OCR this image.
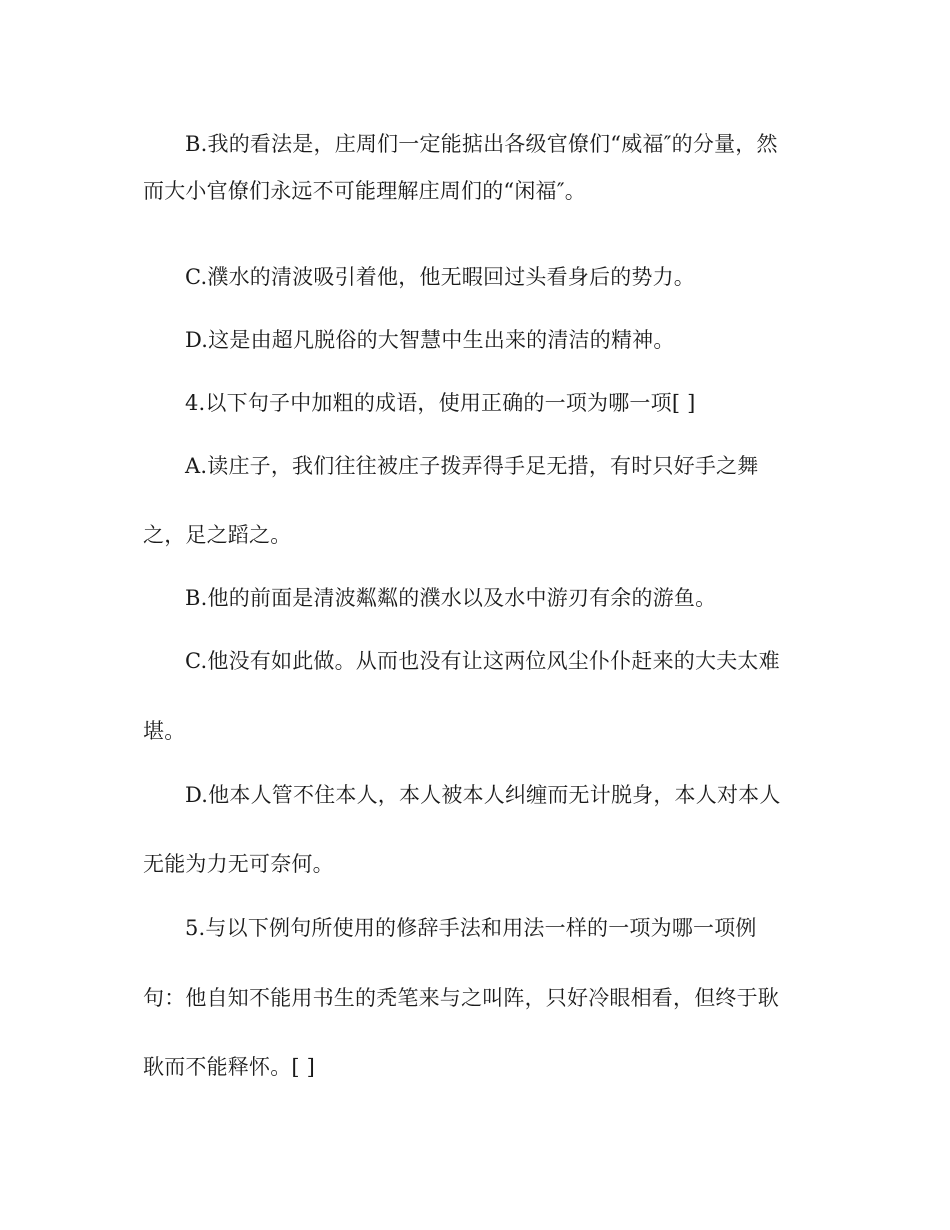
B.我的看法是，庄周们一定能掂出各级官僚们“威福″的分量，然
而大小官僚们永远不可能理解庄周们的“闲福″。
C.濮水的清波吸引着他，他无暇回过头看身后的势力。
D.这是由超凡脱俗的大智慧中生出来的清洁的精神。
4.以下句子中加粗的成语，使用正确的一项为哪一项[ ]
A.读庄子，我们往往被庄子拨弄得手足无措，有时只好手之舞
之，足之蹈之。
B.他的前面是清波粼粼的濮水以及水中游刃有余的游鱼。
C.他没有如此做。从而也没有让这两位风尘仆仆赶来的大夫太难
堪。
D.他本人管不住本人，本人被本人纠缠而无计脱身，本人对本人
无能为力无可奈何。
5.与以下例句所使用的修辞手法和用法一样的一项为哪一项例
句：他自知不能用书生的秃笔来与之叫阵，只好冷眼相看，但终于耿
耿而不能释怀。[ ]
